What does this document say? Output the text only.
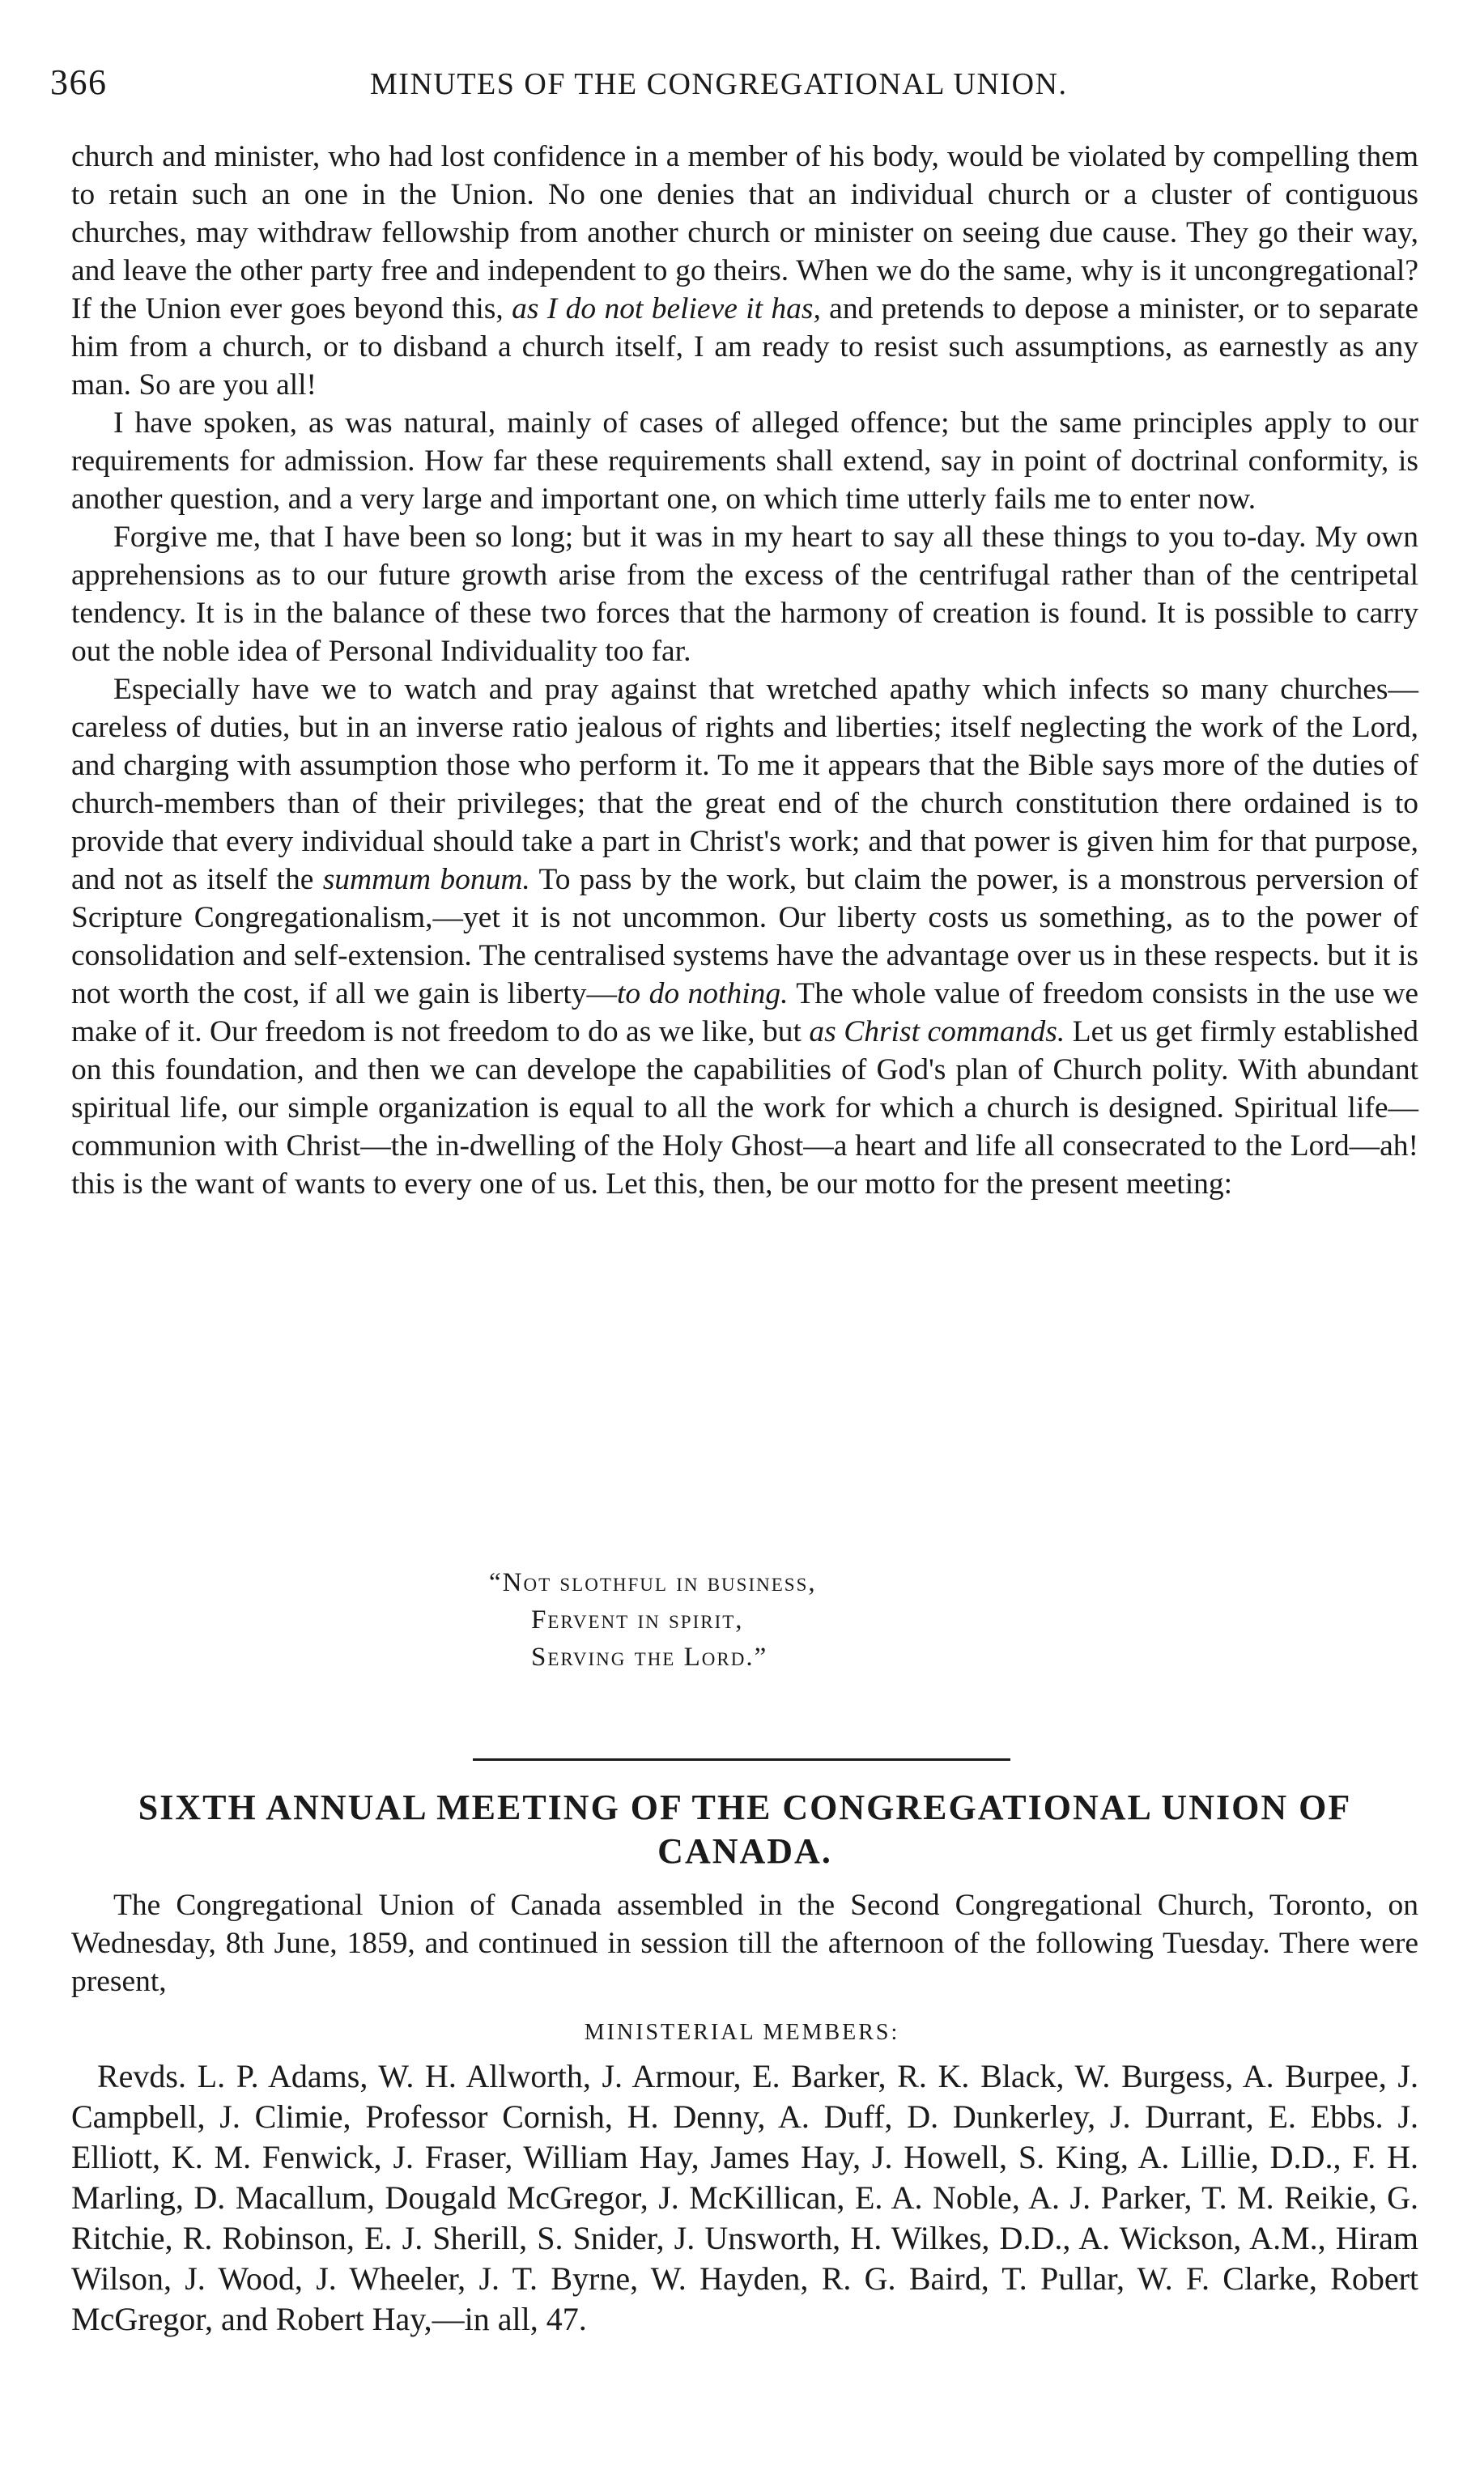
366	MINUTES OF THE CONGREGATIONAL UNION.

church and minister, who had lost confidence in a member of his body, would be violated by compelling them to retain such an one in the Union. No one denies that an individual church or a cluster of contiguous churches, may withdraw fellowship from another church or minister on seeing due cause. They go their way, and leave the other party free and independent to go theirs. When we do the same, why is it uncongregational? If the Union ever goes beyond this, as I do not believe it has, and pretends to depose a minister, or to separate him from a church, or to disband a church itself, I am ready to resist such assumptions, as earnestly as any man. So are you all!

I have spoken, as was natural, mainly of cases of alleged offence; but the same principles apply to our requirements for admission. How far these requirements shall extend, say in point of doctrinal conformity, is another question, and a very large and important one, on which time utterly fails me to enter now.

Forgive me, that I have been so long; but it was in my heart to say all these things to you to-day. My own apprehensions as to our future growth arise from the excess of the centrifugal rather than of the centripetal tendency. It is in the balance of these two forces that the harmony of creation is found. It is possible to carry out the noble idea of Personal Individuality too far.

Especially have we to watch and pray against that wretched apathy which infects so many churches—careless of duties, but in an inverse ratio jealous of rights and liberties; itself neglecting the work of the Lord, and charging with assumption those who perform it. To me it appears that the Bible says more of the duties of church-members than of their privileges; that the great end of the church constitution there ordained is to provide that every individual should take a part in Christ's work; and that power is given him for that purpose, and not as itself the summum bonum. To pass by the work, but claim the power, is a monstrous perversion of Scripture Congregationalism,—yet it is not uncommon. Our liberty costs us something, as to the power of consolidation and self-extension. The centralised systems have the advantage over us in these respects. but it is not worth the cost, if all we gain is liberty—to do nothing. The whole value of freedom consists in the use we make of it. Our freedom is not freedom to do as we like, but as Christ commands. Let us get firmly established on this foundation, and then we can develope the capabilities of God's plan of Church polity. With abundant spiritual life, our simple organization is equal to all the work for which a church is designed. Spiritual life—communion with Christ—the in-dwelling of the Holy Ghost—a heart and life all consecrated to the Lord—ah! this is the want of wants to every one of us. Let this, then, be our motto for the present meeting:

“Not slothful in business,
Fervent in spirit,
Serving the Lord.”
SIXTH ANNUAL MEETING OF THE CONGREGATIONAL UNION OF CANADA.

The Congregational Union of Canada assembled in the Second Congregational Church, Toronto, on Wednesday, 8th June, 1859, and continued in session till the afternoon of the following Tuesday. There were present,

MINISTERIAL MEMBERS:

Revds. L. P. Adams, W. H. Allworth, J. Armour, E. Barker, R. K. Black, W. Burgess, A. Burpee, J. Campbell, J. Climie, Professor Cornish, H. Denny, A. Duff, D. Dunkerley, J. Durrant, E. Ebbs. J. Elliott, K. M. Fenwick, J. Fraser, William Hay, James Hay, J. Howell, S. King, A. Lillie, D.D., F. H. Marling, D. Macallum, Dougald McGregor, J. McKillican, E. A. Noble, A. J. Parker, T. M. Reikie, G. Ritchie, R. Robinson, E. J. Sherill, S. Snider, J. Unsworth, H. Wilkes, D.D., A. Wickson, A.M., Hiram Wilson, J. Wood, J. Wheeler, J. T. Byrne, W. Hayden, R. G. Baird, T. Pullar, W. F. Clarke, Robert McGregor, and Robert Hay,—in all, 47.
